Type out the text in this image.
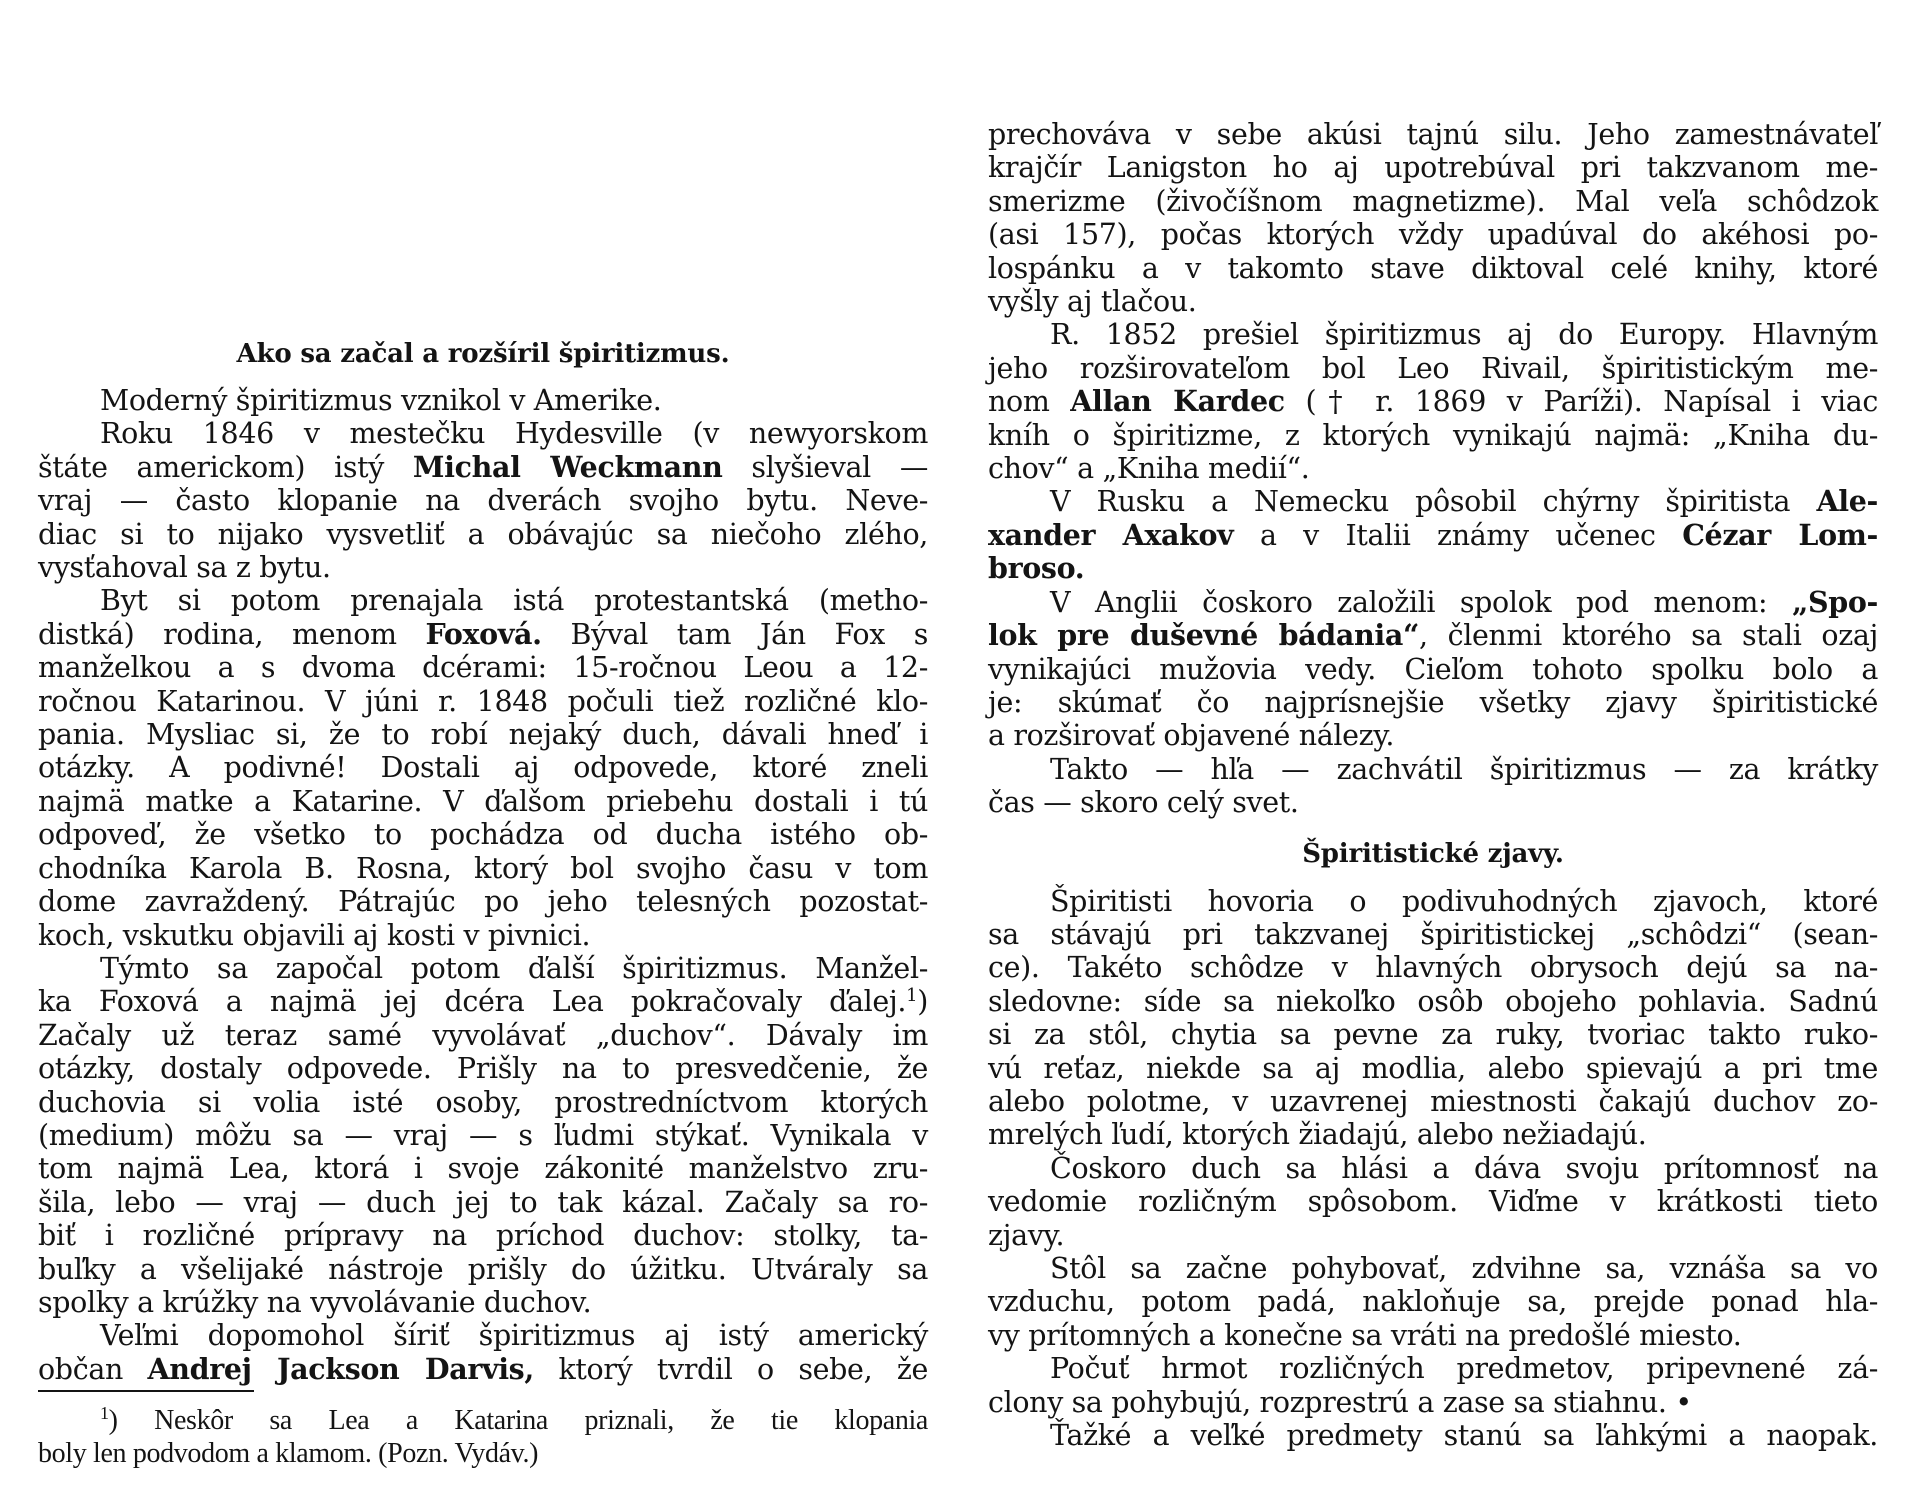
Ako sa začal a rozšíril špiritizmus.
Moderný špiritizmus vznikol v Amerike.
Roku 1846 v mestečku Hydesville (v newyorskom
štáte americkom) istý Michal Weckmann slyšieval —
vraj — často klopanie na dverách svojho bytu. Neve-
diac si to nijako vysvetliť a obávajúc sa niečoho zlého,
vysťahoval sa z bytu.
Byt si potom prenajala istá protestantská (metho-
distká) rodina, menom Foxová. Býval tam Ján Fox s
manželkou a s dvoma dcérami: 15-ročnou Leou a 12-
ročnou Katarinou. V júni r. 1848 počuli tiež rozličné klo-
pania. Mysliac si, že to robí nejaký duch, dávali hneď i
otázky. A podivné! Dostali aj odpovede, ktoré zneli
najmä matke a Katarine. V ďalšom priebehu dostali i tú
odpoveď, že všetko to pochádza od ducha istého ob-
chodníka Karola B. Rosna, ktorý bol svojho času v tom
dome zavraždený. Pátrajúc po jeho telesných pozostat-
koch, vskutku objavili aj kosti v pivnici.
Týmto sa započal potom ďalší špiritizmus. Manžel-
ka Foxová a najmä jej dcéra Lea pokračovaly ďalej.$^1$)
Začaly už teraz samé vyvolávať „duchov“. Dávaly im
otázky, dostaly odpovede. Prišly na to presvedčenie, že
duchovia si volia isté osoby, prostredníctvom ktorých
(medium) môžu sa — vraj — s ľudmi stýkať. Vynikala v
tom najmä Lea, ktorá i svoje zákonité manželstvo zru-
šila, lebo — vraj — duch jej to tak kázal. Začaly sa ro-
biť i rozličné prípravy na príchod duchov: stolky, ta-
buľky a všelijaké nástroje prišly do úžitku. Utváraly sa
spolky a krúžky na vyvolávanie duchov.
Veľmi dopomohol šíriť špiritizmus aj istý americký
občan Andrej Jackson Darvis, ktorý tvrdil o sebe, že
$^1$) Neskôr sa Lea a Katarina priznali, že tie klopania
boly len podvodom a klamom. (Pozn. Vydáv.)
prechováva v sebe akúsi tajnú silu. Jeho zamestnávateľ
krajčír Lanigston ho aj upotrebúval pri takzvanom me-
smerizme (živočíšnom magnetizme). Mal veľa schôdzok
(asi 157), počas ktorých vždy upadúval do akéhosi po-
lospánku a v takomto stave diktoval celé knihy, ktoré
vyšly aj tlačou.
R. 1852 prešiel špiritizmus aj do Europy. Hlavným
jeho rozširovateľom bol Leo Rivail, špiritistickým me-
nom Allan Kardec († r. 1869 v Paríži). Napísal i viac
kníh o špiritizme, z ktorých vynikajú najmä: „Kniha du-
chov“ a „Kniha medií“.
V Rusku a Nemecku pôsobil chýrny špiritista Ale-
xander Axakov a v Italii známy učenec Cézar Lom-
broso.
V Anglii čoskoro založili spolok pod menom: „Spo-
lok pre duševné bádania“, členmi ktorého sa stali ozaj
vynikajúci mužovia vedy. Cieľom tohoto spolku bolo a
je: skúmať čo najprísnejšie všetky zjavy špiritistické
a rozširovať objavené nálezy.
Takto — hľa — zachvátil špiritizmus — za krátky
čas — skoro celý svet.
Špiritistické zjavy.
Špiritisti hovoria o podivuhodných zjavoch, ktoré
sa stávajú pri takzvanej špiritistickej „schôdzi“ (sean-
ce). Takéto schôdze v hlavných obrysoch dejú sa na-
sledovne: síde sa niekoľko osôb obojeho pohlavia. Sadnú
si za stôl, chytia sa pevne za ruky, tvoriac takto ruko-
vú reťaz, niekde sa aj modlia, alebo spievajú a pri tme
alebo polotme, v uzavrenej miestnosti čakajú duchov zo-
mrelých ľudí, ktorých žiadajú, alebo nežiadajú.
Čoskoro duch sa hlási a dáva svoju prítomnosť na
vedomie rozličným spôsobom. Viďme v krátkosti tieto
zjavy.
Stôl sa začne pohybovať, zdvihne sa, vznáša sa vo
vzduchu, potom padá, nakloňuje sa, prejde ponad hla-
vy prítomných a konečne sa vráti na predošlé miesto.
Počuť hrmot rozličných predmetov, pripevnené zá-
clony sa pohybujú, rozprestrú a zase sa stiahnu. •
Ťažké a veľké predmety stanú sa ľahkými a naopak.
